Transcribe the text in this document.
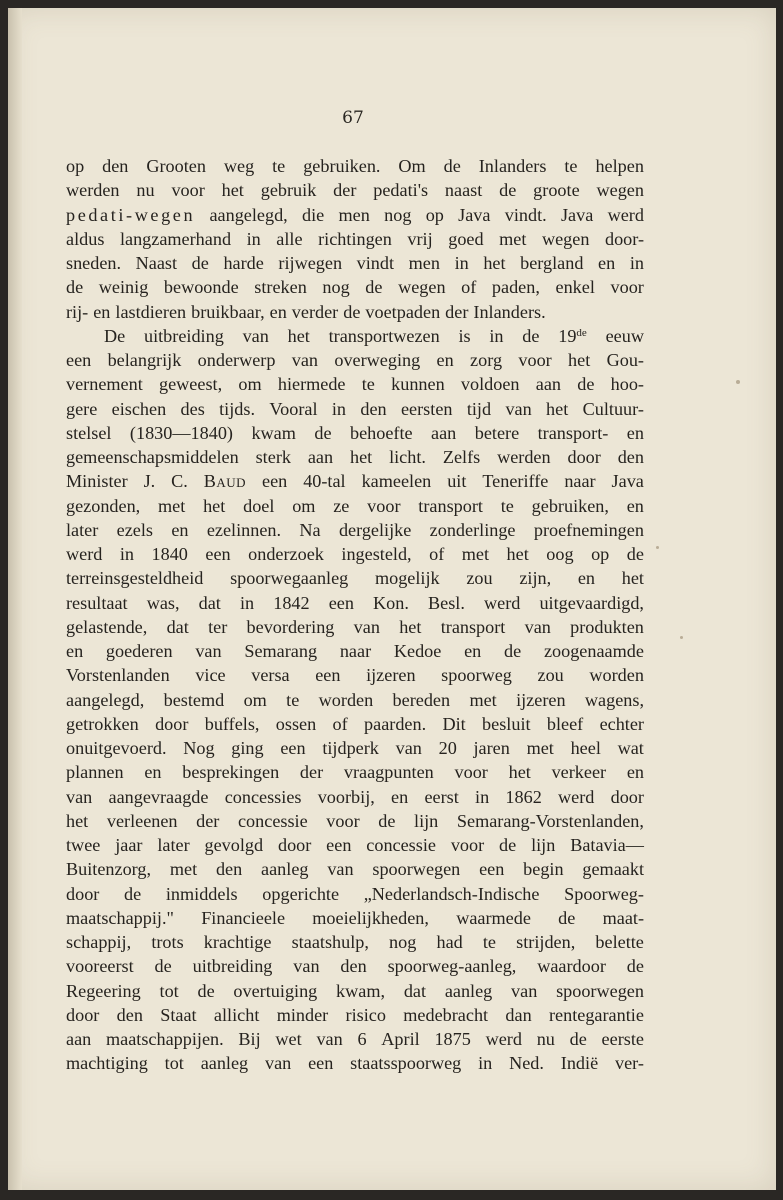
67
op den Grooten weg te gebruiken. Om de Inlanders te helpen
werden nu voor het gebruik der pedati's naast de groote wegen
pedati-wegen aangelegd, die men nog op Java vindt. Java werd
aldus langzamerhand in alle richtingen vrij goed met wegen door-
sneden. Naast de harde rijwegen vindt men in het bergland en in
de weinig bewoonde streken nog de wegen of paden, enkel voor
rij- en lastdieren bruikbaar, en verder de voetpaden der Inlanders.
De uitbreiding van het transportwezen is in de 19de eeuw
een belangrijk onderwerp van overweging en zorg voor het Gou-
vernement geweest, om hiermede te kunnen voldoen aan de hoo-
gere eischen des tijds. Vooral in den eersten tijd van het Cultuur-
stelsel (1830—1840) kwam de behoefte aan betere transport- en
gemeenschapsmiddelen sterk aan het licht. Zelfs werden door den
Minister J. C. Baud een 40-tal kameelen uit Teneriffe naar Java
gezonden, met het doel om ze voor transport te gebruiken, en
later ezels en ezelinnen. Na dergelijke zonderlinge proefnemingen
werd in 1840 een onderzoek ingesteld, of met het oog op de
terreinsgesteldheid spoorwegaanleg mogelijk zou zijn, en het
resultaat was, dat in 1842 een Kon. Besl. werd uitgevaardigd,
gelastende, dat ter bevordering van het transport van produkten
en goederen van Semarang naar Kedoe en de zoogenaamde
Vorstenlanden vice versa een ijzeren spoorweg zou worden
aangelegd, bestemd om te worden bereden met ijzeren wagens,
getrokken door buffels, ossen of paarden. Dit besluit bleef echter
onuitgevoerd. Nog ging een tijdperk van 20 jaren met heel wat
plannen en besprekingen der vraagpunten voor het verkeer en
van aangevraagde concessies voorbij, en eerst in 1862 werd door
het verleenen der concessie voor de lijn Semarang-Vorstenlanden,
twee jaar later gevolgd door een concessie voor de lijn Batavia—
Buitenzorg, met den aanleg van spoorwegen een begin gemaakt
door de inmiddels opgerichte „Nederlandsch-Indische Spoorweg-
maatschappij." Financieele moeielijkheden, waarmede de maat-
schappij, trots krachtige staatshulp, nog had te strijden, belette
vooreerst de uitbreiding van den spoorweg-aanleg, waardoor de
Regeering tot de overtuiging kwam, dat aanleg van spoorwegen
door den Staat allicht minder risico medebracht dan rentegarantie
aan maatschappijen. Bij wet van 6 April 1875 werd nu de eerste
machtiging tot aanleg van een staatsspoorweg in Ned. Indië ver-
